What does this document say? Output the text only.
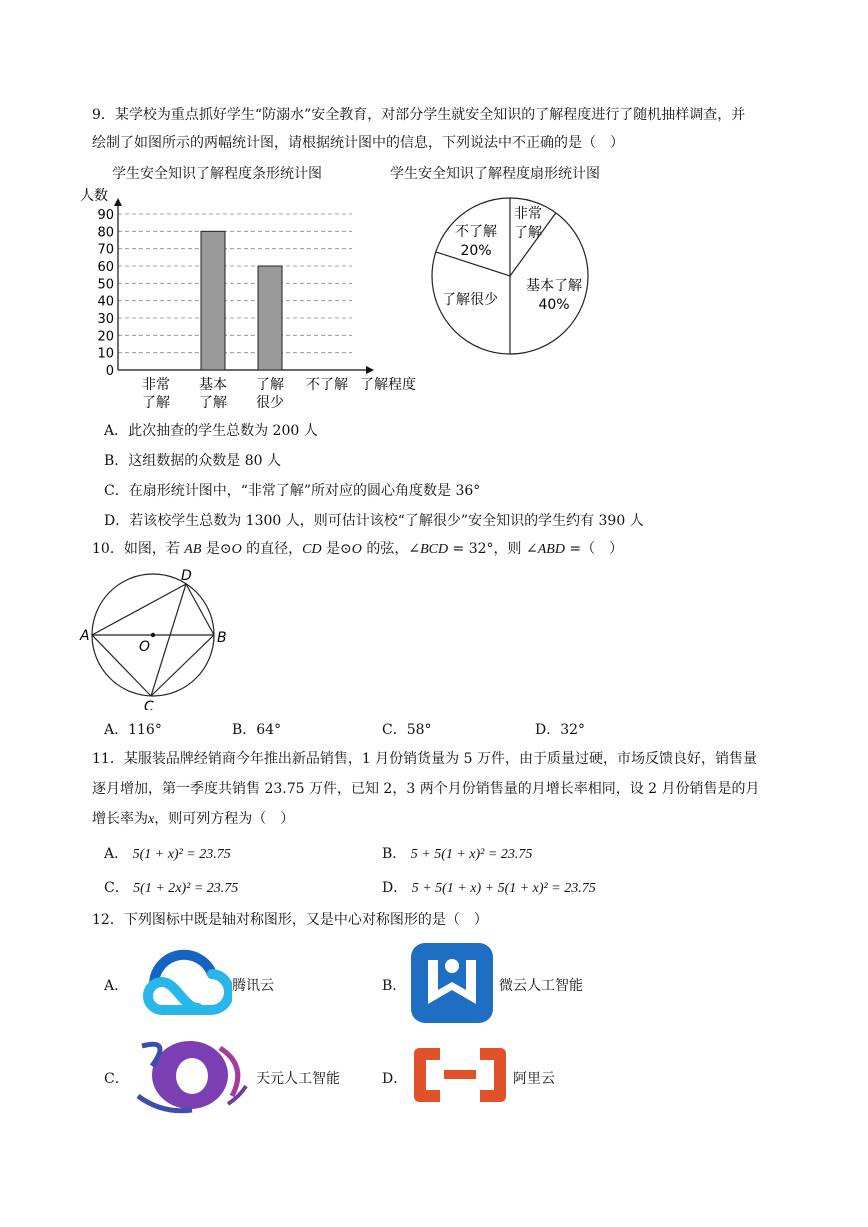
9．某学校为重点抓好学生“防溺水”安全教育，对部分学生就安全知识的了解程度进行了随机抽样调查，并
绘制了如图所示的两幅统计图，请根据统计图中的信息，下列说法中不正确的是（　）
学生安全知识了解程度条形统计图	学生安全知识了解程度扇形统计图
0
10
20
30
40
50
60
70
80
90
人数
了解程度
非常
了解
基本
了解
了解
很少
不了解
非常
了解
基本了解
40%
了解很少
不了解
20%
A．此次抽查的学生总数为 200 人
B．这组数据的众数是 80 人
C．在扇形统计图中，“非常了解”所对应的圆心角度数是 36°
D．若该校学生总数为 1300 人，则可估计该校“了解很少”安全知识的学生约有 390 人
10．如图，若 AB 是⊙O 的直径，CD 是⊙O 的弦，∠BCD = 32°，则 ∠ABD =（　）
A	B
C
D
O
A．116°	B．64°	C．58°	D．32°
11．某服装品牌经销商今年推出新品销售，1 月份销货量为 5 万件，由于质量过硬，市场反馈良好，销售量
逐月增加，第一季度共销售 23.75 万件，已知 2，3 两个月份销售量的月增长率相同，设 2 月份销售是的月
增长率为x，则可列方程为（　）
A． 5(1 + x)² = 23.75	B． 5 + 5(1 + x)² = 23.75
C． 5(1 + 2x)² = 23.75	D． 5 + 5(1 + x) + 5(1 + x)² = 23.75
12．下列图标中既是轴对称图形，又是中心对称图形的是（　）
A．	腾讯云	B．	微云人工智能
C．	天元人工智能	D．	阿里云
